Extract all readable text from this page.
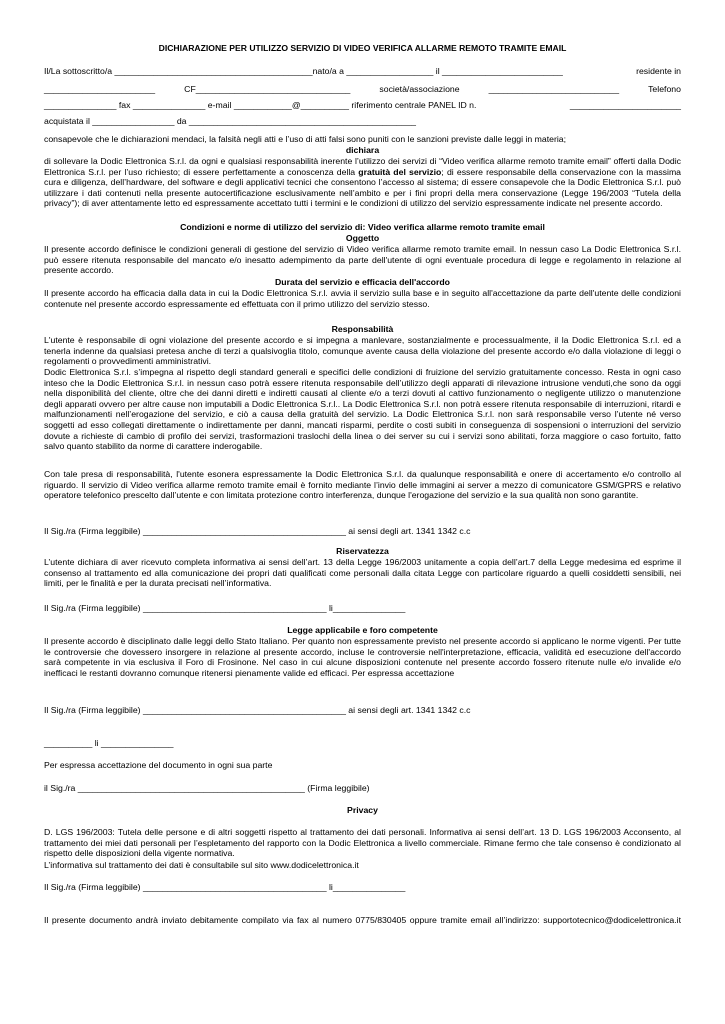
DICHIARAZIONE PER UTILIZZO SERVIZIO DI VIDEO VERIFICA ALLARME REMOTO TRAMITE EMAIL

Il/La sottoscritto/a _________________________________________nato/a a __________________ il _________________________	residente in
_______________________	CF________________________________	società/associazione	___________________________	Telefono
_______________ fax _______________ e-mail ____________@__________ riferimento centrale PANEL ID n.	_______________________
acquistata il _________________ da _______________________________________________

consapevole che le dichiarazioni mendaci, la falsità negli atti e l’uso di atti falsi sono puniti con le sanzioni previste dalle leggi in materia;

dichiara

di sollevare la Dodic Elettronica S.r.l. da ogni e qualsiasi responsabilità inerente l’utilizzo dei servizi di “Video verifica allarme remoto tramite email” offerti dalla Dodic Elettronica S.r.l. per l’uso richiesto; di essere perfettamente a conoscenza della gratuità del servizio; di essere responsabile della conservazione con la massima cura e diligenza, dell’hardware, del software e degli applicativi tecnici che consentono l’accesso al sistema; di essere consapevole che la Dodic Elettronica S.r.l. può utilizzare i dati contenuti nella presente autocertificazione esclusivamente nell’ambito e per i fini propri della mera conservazione (Legge 196/2003 “Tutela della privacy”); di aver attentamente letto ed espressamente accettato tutti i termini e le condizioni di utilizzo del servizio espressamente indicate nel presente accordo.

Condizioni e norme di utilizzo del servizio di: Video verifica allarme remoto tramite email

Oggetto

Il presente accordo definisce le condizioni generali di gestione del servizio di Video verifica allarme remoto tramite email. In nessun caso La Dodic Elettronica S.r.l. può essere ritenuta responsabile del mancato e/o inesatto adempimento da parte dell'utente di ogni eventuale procedura di legge e regolamento in relazione al presente accordo.

Durata del servizio e efficacia dell'accordo

Il presente accordo ha efficacia dalla data in cui la Dodic Elettronica S.r.l. avvia il servizio sulla base e in seguito all'accettazione da parte dell'utente delle condizioni contenute nel presente accordo espressamente ed effettuata con il primo utilizzo del servizio stesso.

Responsabilità

L'utente è responsabile di ogni violazione del presente accordo e si impegna a manlevare, sostanzialmente e processualmente, il la Dodic Elettronica S.r.l. ed a tenerla indenne da qualsiasi pretesa anche di terzi a qualsivoglia titolo, comunque avente causa della violazione del presente accordo e/o dalla violazione di leggi o regolamenti o provvedimenti amministrativi.

Dodic Elettronica S.r.l. s’impegna al rispetto degli standard generali e specifici delle condizioni di fruizione del servizio gratuitamente concesso. Resta in ogni caso inteso che la Dodic Elettronica S.r.l. in nessun caso potrà essere ritenuta responsabile dell’utilizzo degli apparati di rilevazione intrusione venduti,che sono da oggi nella disponibilità del cliente, oltre che dei danni diretti e indiretti causati al cliente e/o a terzi dovuti al cattivo funzionamento o negligente utilizzo o manutenzione degli apparati ovvero per altre cause non imputabili a Dodic Elettronica S.r.l.. La Dodic Elettronica S.r.l. non potrà essere ritenuta responsabile di interruzioni, ritardi e malfunzionamenti nell’erogazione del servizio, e ciò a causa della gratuità del servizio. La Dodic Elettronica S.r.l. non sarà responsabile verso l’utente né verso soggetti ad esso collegati direttamente o indirettamente per danni, mancati risparmi, perdite o costi subiti in conseguenza di sospensioni o interruzioni del servizio dovute a richieste di cambio di profilo dei servizi, trasformazioni traslochi della linea o dei server su cui i servizi sono abilitati, forza maggiore o caso fortuito, fatto salvo quanto stabilito da norme di carattere inderogabile.

Con tale presa di responsabilità, l'utente esonera espressamente la Dodic Elettronica S.r.l. da qualunque responsabilità e onere di accertamento e/o controllo al riguardo. Il servizio di Video verifica allarme remoto tramite email è fornito mediante l’invio delle immagini ai server a mezzo di comunicatore GSM/GPRS e relativo operatore telefonico prescelto dall’utente e con limitata protezione contro interferenza, dunque l'erogazione del servizio e la sua qualità non sono garantite.

Il Sig./ra (Firma leggibile) __________________________________________ ai sensi degli art. 1341 1342 c.c

Riservatezza

L’utente dichiara di aver ricevuto completa informativa ai sensi dell’art. 13 della Legge 196/2003 unitamente a copia dell’art.7 della Legge medesima ed esprime il consenso al trattamento ed alla comunicazione dei propri dati qualificati come personali dalla citata Legge con particolare riguardo a quelli cosiddetti sensibili, nei limiti, per le finalità e per la durata precisati nell’informativa.

Il Sig./ra (Firma leggibile) ______________________________________ li_______________

Legge applicabile e foro competente

Il presente accordo è disciplinato dalle leggi dello Stato Italiano. Per quanto non espressamente previsto nel presente accordo si applicano le norme vigenti. Per tutte le controversie che dovessero insorgere in relazione al presente accordo, incluse le controversie nell'interpretazione, efficacia, validità ed esecuzione dell'accordo sarà competente in via esclusiva il Foro di Frosinone. Nel caso in cui alcune disposizioni contenute nel presente accordo fossero ritenute nulle e/o invalide e/o inefficaci le restanti dovranno comunque ritenersi pienamente valide ed efficaci. Per espressa accettazione

Il Sig./ra (Firma leggibile) __________________________________________ ai sensi degli art. 1341 1342 c.c

__________ li _______________

Per espressa accettazione del documento in ogni sua parte

il Sig./ra _______________________________________________ (Firma leggibile)

Privacy

D. LGS 196/2003: Tutela delle persone e di altri soggetti rispetto al trattamento dei dati personali. Informativa ai sensi dell’art. 13 D. LGS 196/2003 Acconsento, al trattamento dei miei dati personali per l’espletamento del rapporto con la Dodic Elettronica a livello commerciale. Rimane fermo che tale consenso è condizionato al rispetto delle disposizioni della vigente normativa.

L’informativa sul trattamento dei dati è consultabile sul sito www.dodicelettronica.it

Il Sig./ra (Firma leggibile) ______________________________________ li_______________

Il presente documento andrà inviato debitamente compilato via fax al numero 0775/830405 oppure tramite email all’indirizzo: supportotecnico@dodicelettronica.it
